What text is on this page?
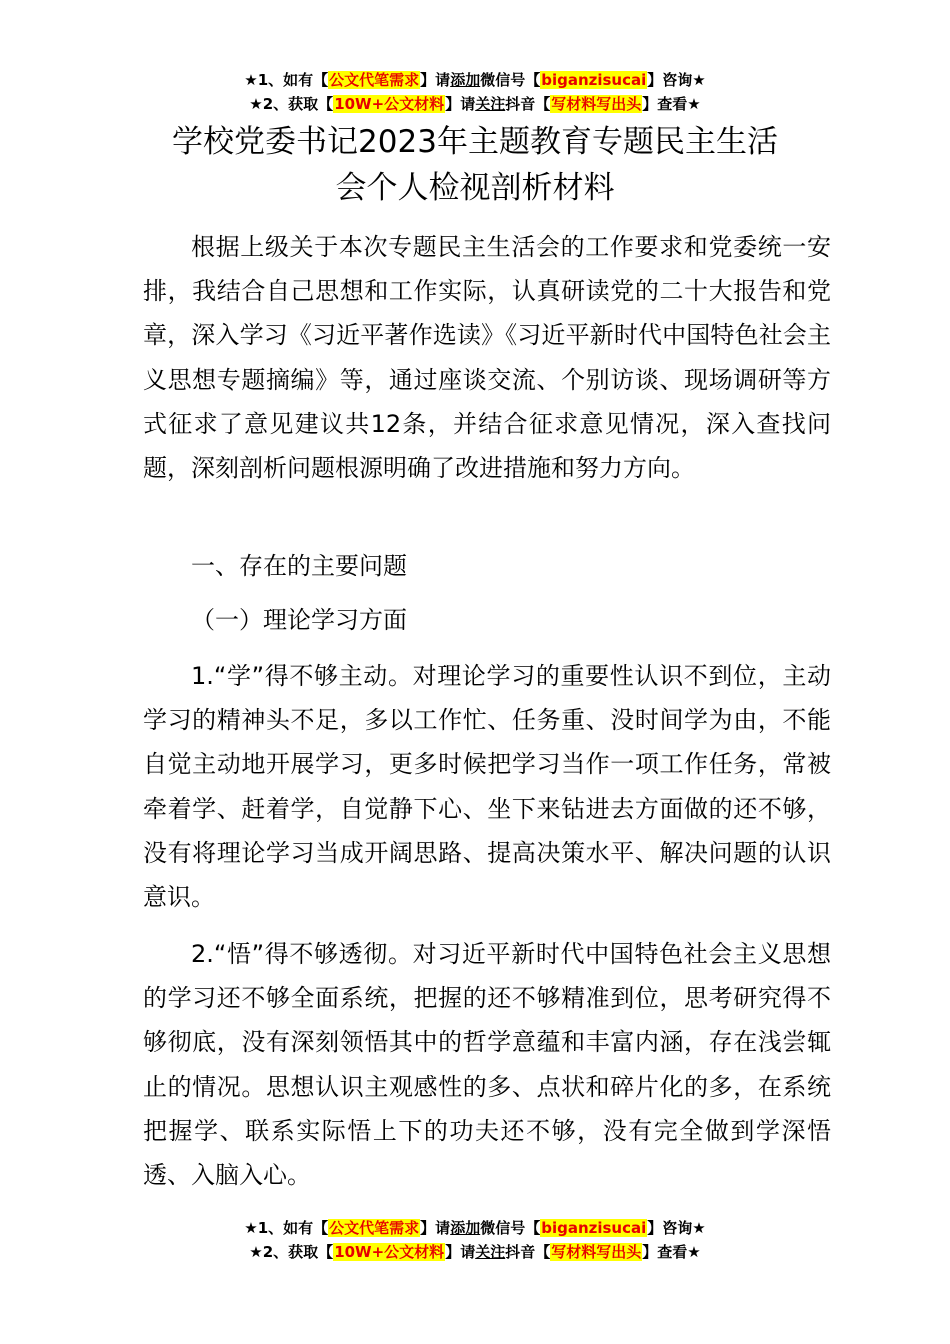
★1、如有【公文代笔需求】请添加微信号【biganzisucai】咨询★
★2、获取【10W+公文材料】请关注抖音【写材料写出头】查看★
学校党委书记2023年主题教育专题民主生活
会个人检视剖析材料

根据上级关于本次专题民主生活会的工作要求和党委统一安排，我结合自己思想和工作实际，认真研读党的二十大报告和党章，深入学习《习近平著作选读》《习近平新时代中国特色社会主义思想专题摘编》等，通过座谈交流、个别访谈、现场调研等方式征求了意见建议共12条，并结合征求意见情况，深入查找问题，深刻剖析问题根源明确了改进措施和努力方向。

一、存在的主要问题

（一）理论学习方面

1.“学”得不够主动。对理论学习的重要性认识不到位，主动学习的精神头不足，多以工作忙、任务重、没时间学为由，不能自觉主动地开展学习，更多时候把学习当作一项工作任务，常被牵着学、赶着学，自觉静下心、坐下来钻进去方面做的还不够，没有将理论学习当成开阔思路、提高决策水平、解决问题的认识意识。

2.“悟”得不够透彻。对习近平新时代中国特色社会主义思想的学习还不够全面系统，把握的还不够精准到位，思考研究得不够彻底，没有深刻领悟其中的哲学意蕴和丰富内涵，存在浅尝辄止的情况。思想认识主观感性的多、点状和碎片化的多，在系统把握学、联系实际悟上下的功夫还不够，没有完全做到学深悟透、入脑入心。

★1、如有【公文代笔需求】请添加微信号【biganzisucai】咨询★
★2、获取【10W+公文材料】请关注抖音【写材料写出头】查看★
